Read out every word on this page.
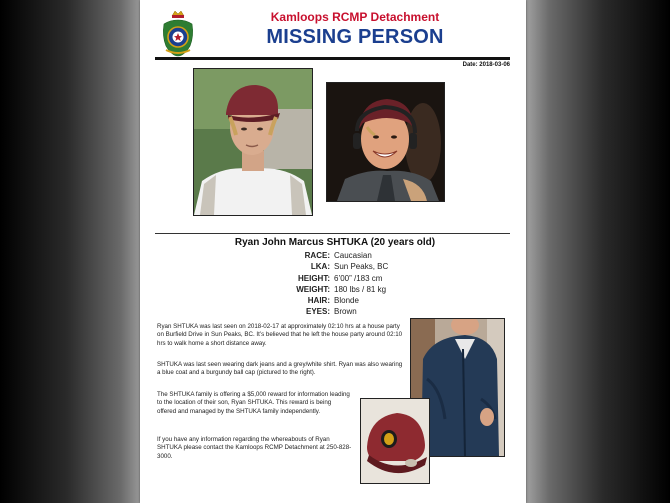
Kamloops RCMP Detachment
MISSING PERSON
Date: 2018-03-06
Ryan John Marcus SHTUKA (20 years old)
RACE: Caucasian
LKA: Sun Peaks, BC
HEIGHT: 6’00” /183 cm
WEIGHT: 180 lbs / 81 kg
HAIR: Blonde
EYES: Brown
Ryan SHTUKA was last seen on 2018-02-17 at approximately 02:10 hrs at a house party on Burfield Drive in Sun Peaks, BC. It’s believed that he left the house party around 02:10 hrs to walk home a short distance away.
SHTUKA was last seen wearing dark jeans and a grey/white shirt. Ryan was also wearing a blue coat and a burgundy ball cap (pictured to the right).
The SHTUKA family is offering a $5,000 reward for information leading to the location of their son, Ryan SHTUKA. This reward is being offered and managed by the SHTUKA family independently.
If you have any information regarding the whereabouts of Ryan SHTUKA please contact the Kamloops RCMP Detachment at 250-828-3000.
